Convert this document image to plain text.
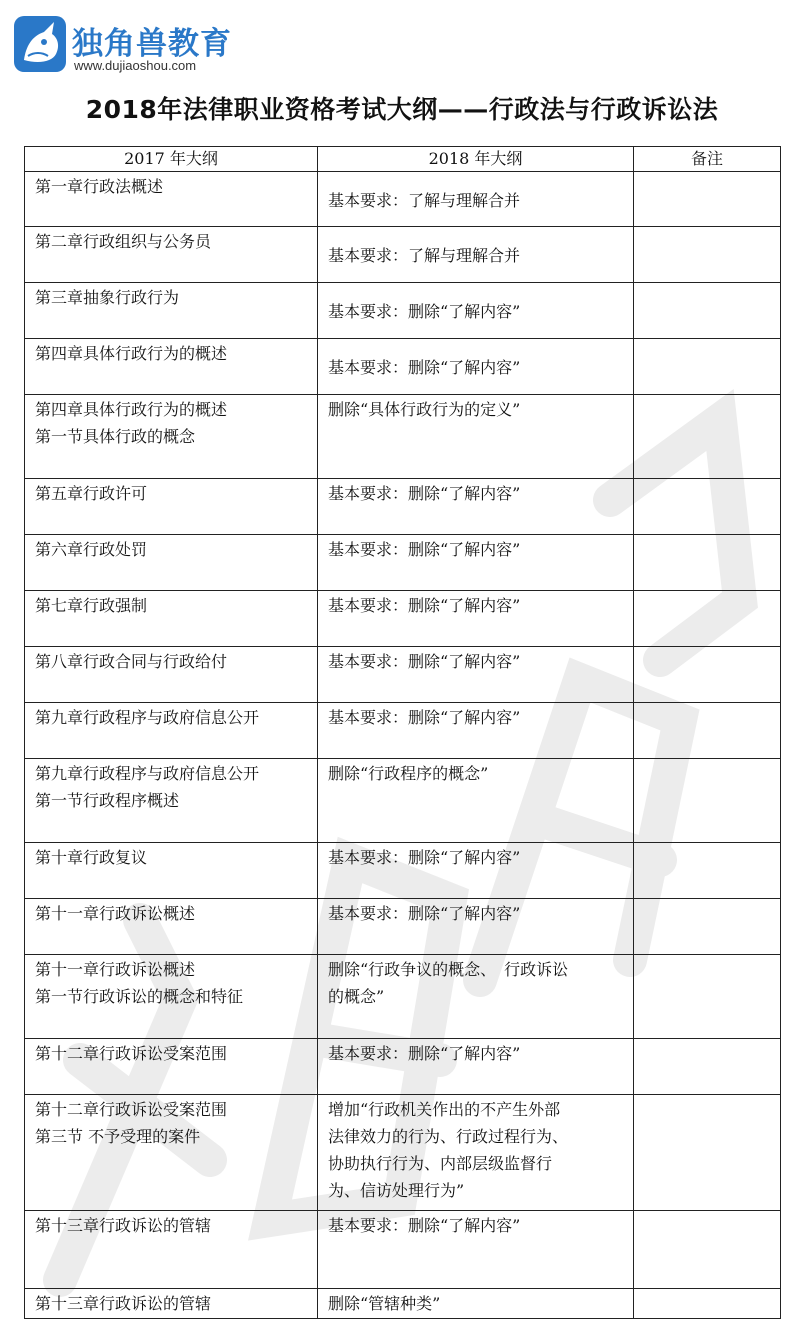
独角兽教育
www.dujiaoshou.com
2018年法律职业资格考试大纲——行政法与行政诉讼法
2017 年大纲	2018 年大纲	备注

第一章行政法概述	基本要求：了解与理解合并	

第二章行政组织与公务员	基本要求：了解与理解合并	

第三章抽象行政行为	基本要求：删除“了解内容”	

第四章具体行政行为的概述	基本要求：删除“了解内容”	

第四章具体行政行为的概述
第一节具体行政的概念	删除“具体行政行为的定义”	

第五章行政许可	基本要求：删除“了解内容”	

第六章行政处罚	基本要求：删除“了解内容”	

第七章行政强制	基本要求：删除“了解内容”	

第八章行政合同与行政给付	基本要求：删除“了解内容”	

第九章行政程序与政府信息公开	基本要求：删除“了解内容”	

第九章行政程序与政府信息公开
第一节行政程序概述	删除“行政程序的概念”	

第十章行政复议	基本要求：删除“了解内容”	

第十一章行政诉讼概述	基本要求：删除“了解内容”	

第十一章行政诉讼概述
第一节行政诉讼的概念和特征	删除“行政争议的概念、　行政诉讼
的概念”	

第十二章行政诉讼受案范围	基本要求：删除“了解内容”	

第十二章行政诉讼受案范围
第三节 不予受理的案件	增加“行政机关作出的不产生外部
法律效力的行为、行政过程行为、
协助执行行为、内部层级监督行
为、信访处理行为”	

第十三章行政诉讼的管辖	基本要求：删除“了解内容”	

第十三章行政诉讼的管辖	删除“管辖种类”	
